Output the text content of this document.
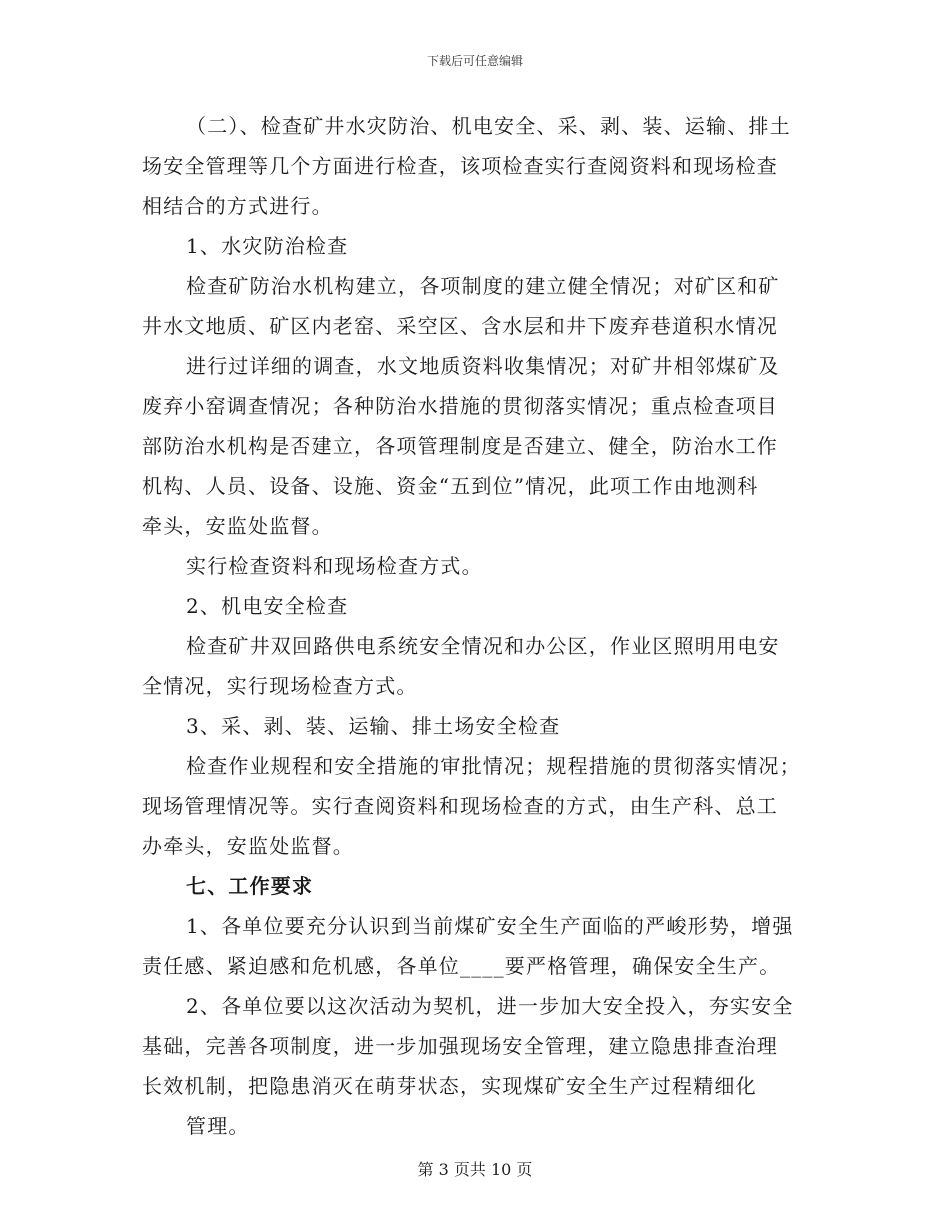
下载后可任意编辑

（二）、检查矿井水灾防治、机电安全、采、剥、装、运输、排土

场安全管理等几个方面进行检查，该项检查实行查阅资料和现场检查

相结合的方式进行。

1、水灾防治检查

检查矿防治水机构建立，各项制度的建立健全情况；对矿区和矿

井水文地质、矿区内老窑、采空区、含水层和井下废弃巷道积水情况

进行过详细的调查，水文地质资料收集情况；对矿井相邻煤矿及

废弃小窑调查情况；各种防治水措施的贯彻落实情况；重点检查项目

部防治水机构是否建立，各项管理制度是否建立、健全，防治水工作

机构、人员、设备、设施、资金“五到位”情况，此项工作由地测科

牵头，安监处监督。

实行检查资料和现场检查方式。

2、机电安全检查

检查矿井双回路供电系统安全情况和办公区，作业区照明用电安

全情况，实行现场检查方式。

3、采、剥、装、运输、排土场安全检查

检查作业规程和安全措施的审批情况；规程措施的贯彻落实情况；

现场管理情况等。实行查阅资料和现场检查的方式，由生产科、总工

办牵头，安监处监督。

七、工作要求

1、各单位要充分认识到当前煤矿安全生产面临的严峻形势，增强

责任感、紧迫感和危机感，各单位____要严格管理，确保安全生产。

2、各单位要以这次活动为契机，进一步加大安全投入，夯实安全

基础，完善各项制度，进一步加强现场安全管理，建立隐患排查治理

长效机制，把隐患消灭在萌芽状态，实现煤矿安全生产过程精细化

管理。

第 3 页共 10 页
